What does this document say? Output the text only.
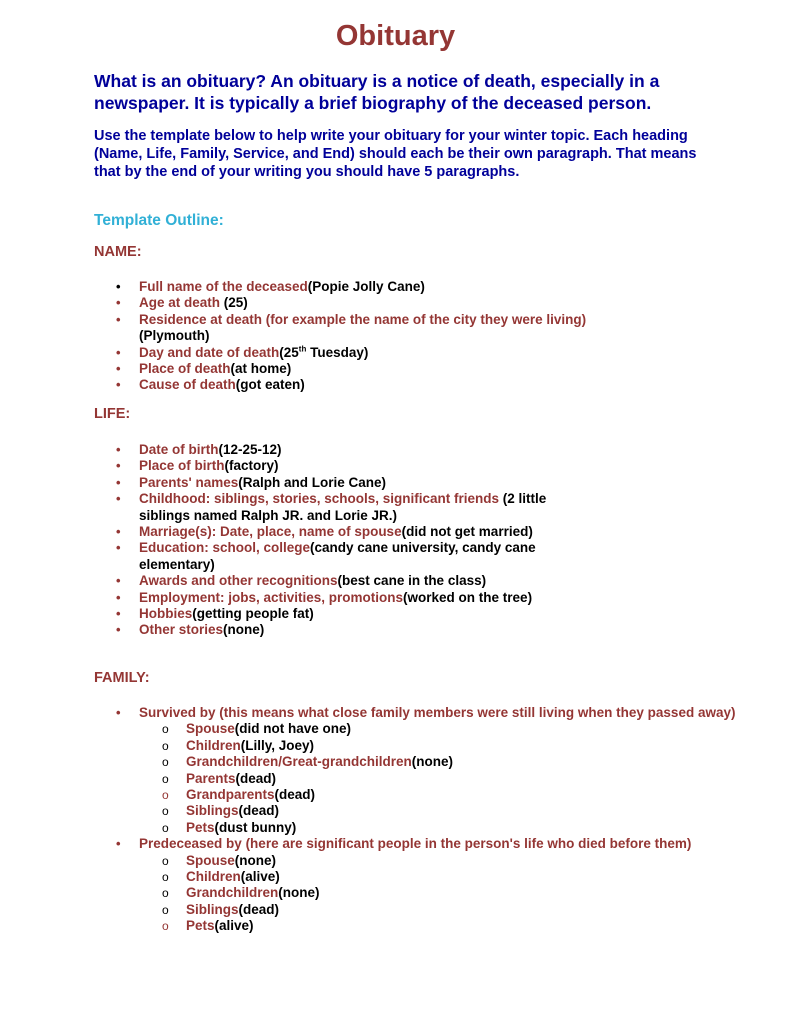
Obituary

What is an obituary? An obituary is a notice of death, especially in a newspaper. It is typically a brief biography of the deceased person.

Use the template below to help write your obituary for your winter topic. Each heading (Name, Life, Family, Service, and End) should each be their own paragraph. That means that by the end of your writing you should have 5 paragraphs.

Template Outline:

NAME:

• Full name of the deceased(Popie Jolly Cane)
• Age at death (25)
• Residence at death (for example the name of the city they were living)(Plymouth)
• Day and date of death(25th Tuesday)
• Place of death(at home)
• Cause of death(got eaten)

LIFE:

• Date of birth(12-25-12)
• Place of birth(factory)
• Parents' names(Ralph and Lorie Cane)
• Childhood: siblings, stories, schools, significant friends (2 little siblings named Ralph JR. and Lorie JR.)
• Marriage(s): Date, place, name of spouse(did not get married)
• Education: school, college(candy cane university, candy cane elementary)
• Awards and other recognitions(best cane in the class)
• Employment: jobs, activities, promotions(worked on the tree)
• Hobbies(getting people fat)
• Other stories(none)

FAMILY:

• Survived by (this means what close family members were still living when they passed away)
o Spouse(did not have one)
o Children(Lilly, Joey)
o Grandchildren/Great-grandchildren(none)
o Parents(dead)
o Grandparents(dead)
o Siblings(dead)
o Pets(dust bunny)
• Predeceased by (here are significant people in the person's life who died before them)
o Spouse(none)
o Children(alive)
o Grandchildren(none)
o Siblings(dead)
o Pets(alive)
